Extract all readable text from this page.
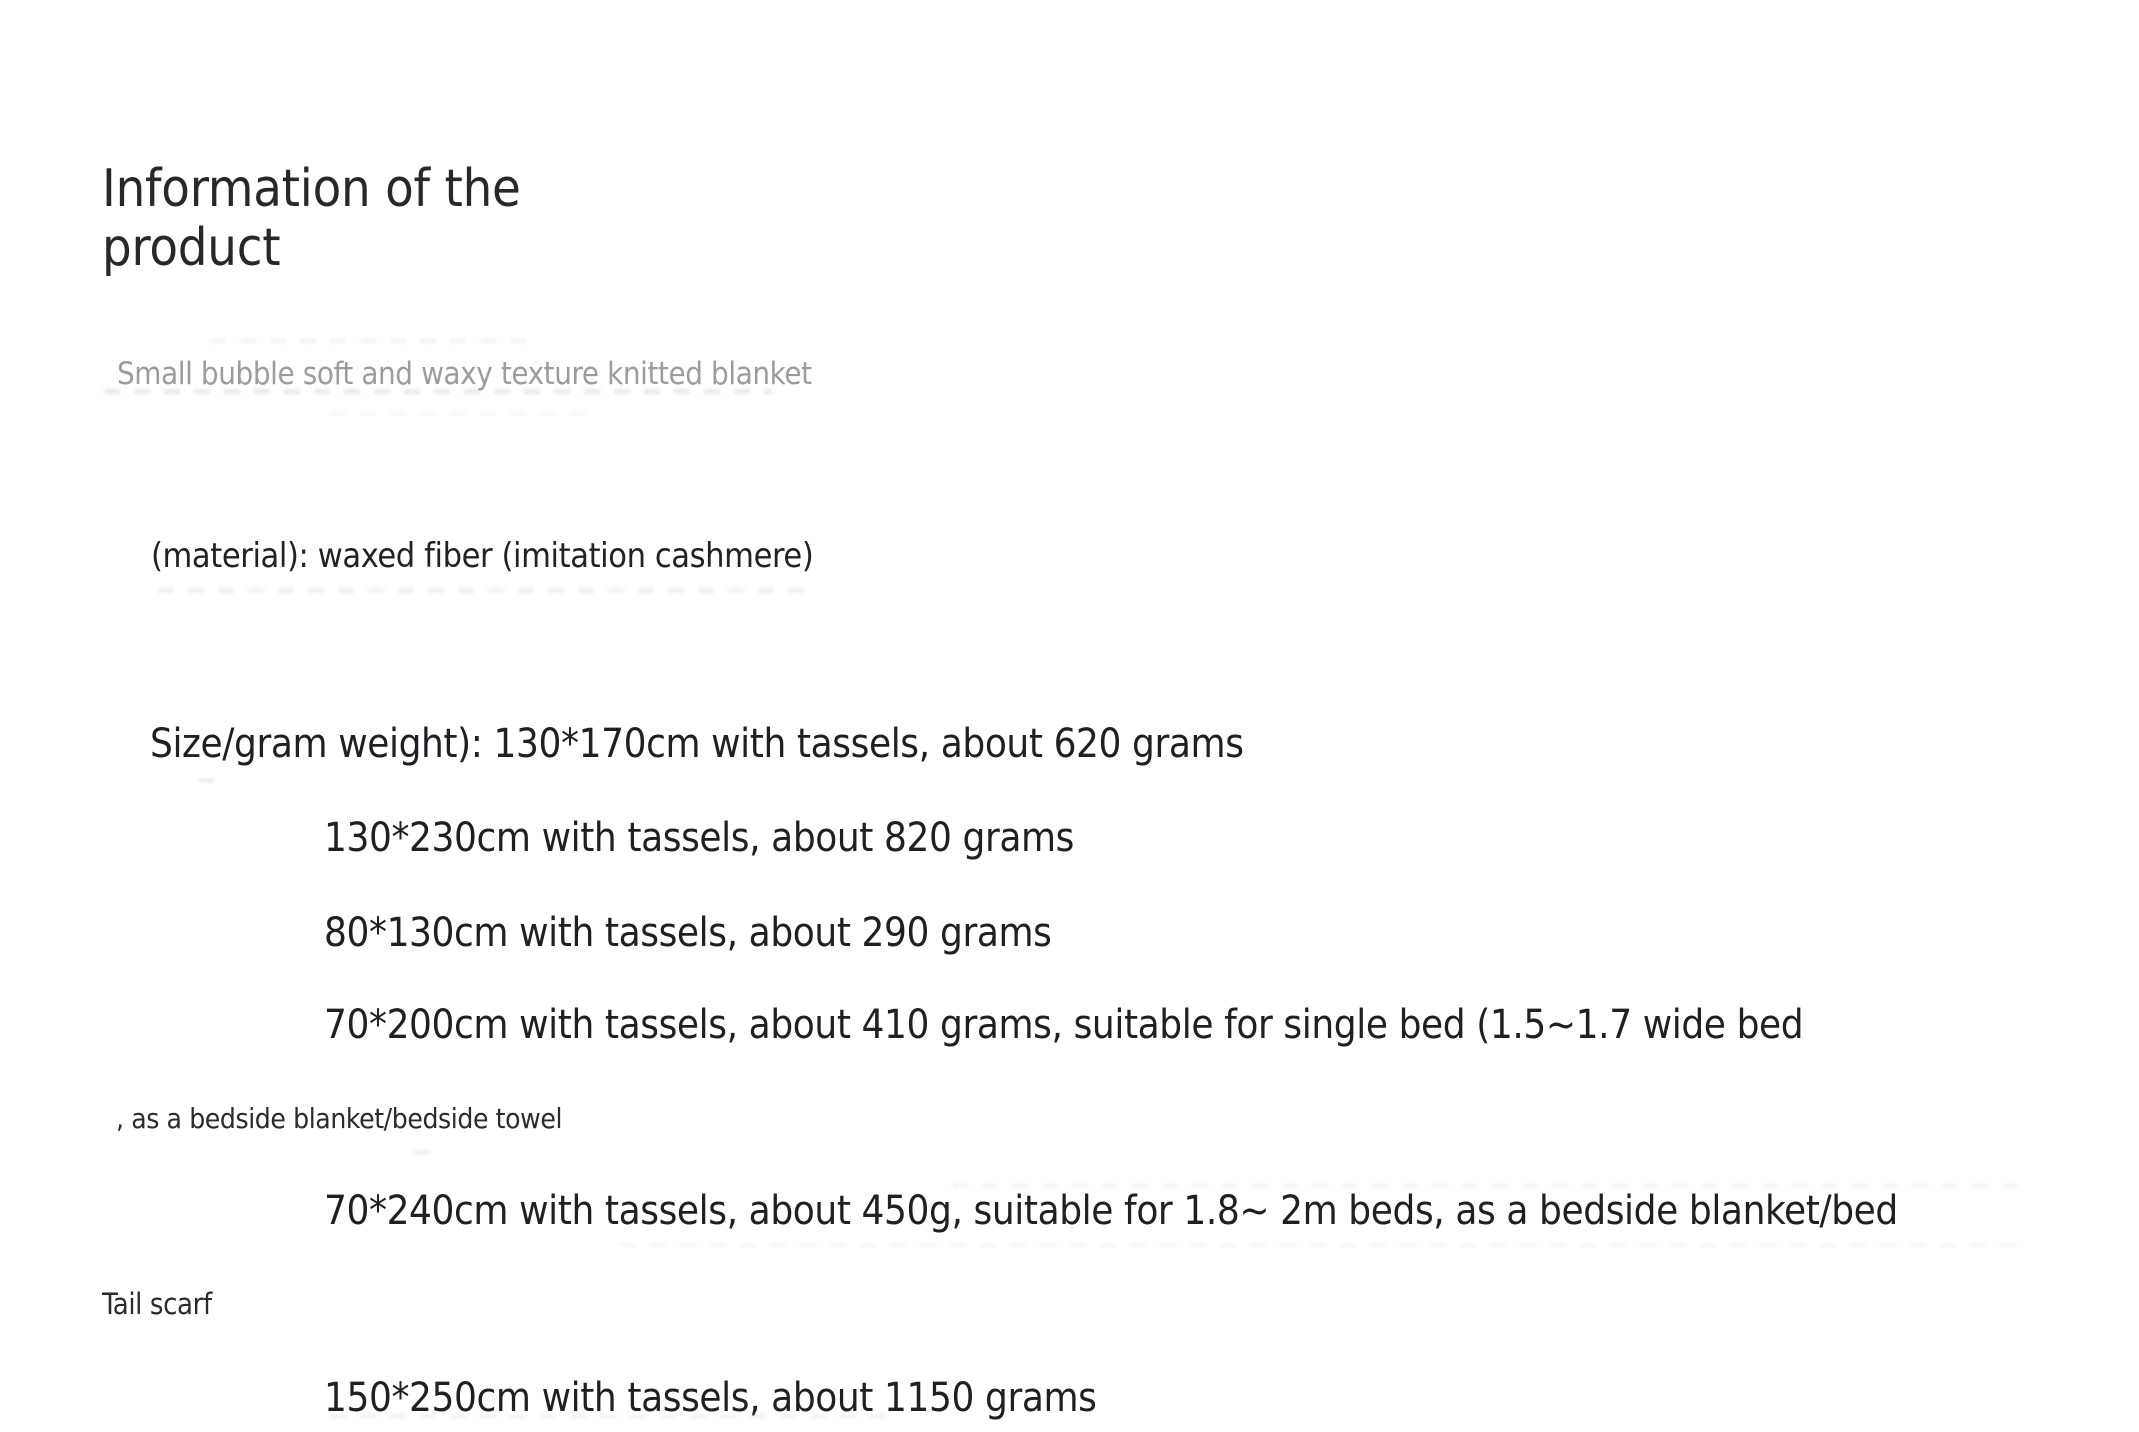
Information of the
product
Small bubble soft and waxy texture knitted blanket
(material): waxed fiber (imitation cashmere)
Size/gram weight): 130*170cm with tassels, about 620 grams
130*230cm with tassels, about 820 grams
80*130cm with tassels, about 290 grams
70*200cm with tassels, about 410 grams, suitable for single bed (1.5~1.7 wide bed
, as a bedside blanket/bedside towel
70*240cm with tassels, about 450g, suitable for 1.8~ 2m beds, as a bedside blanket/bed
Tail scarf
150*250cm with tassels, about 1150 grams
